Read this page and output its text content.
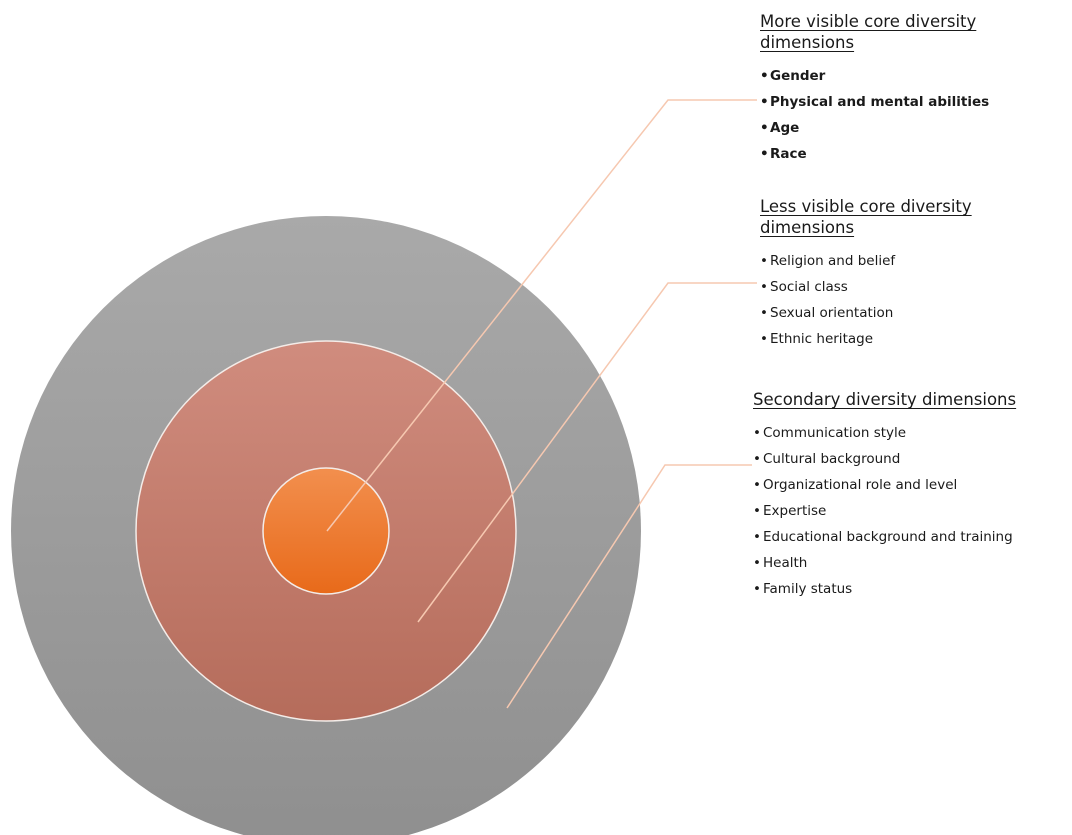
More visible core diversity dimensions
• Gender
• Physical and mental abilities
• Age
• Race
Less visible core diversity dimensions
• Religion and belief
• Social class
• Sexual orientation
• Ethnic heritage
Secondary diversity dimensions
• Communication style
• Cultural background
• Organizational role and level
• Expertise
• Educational background and training
• Health
• Family status
